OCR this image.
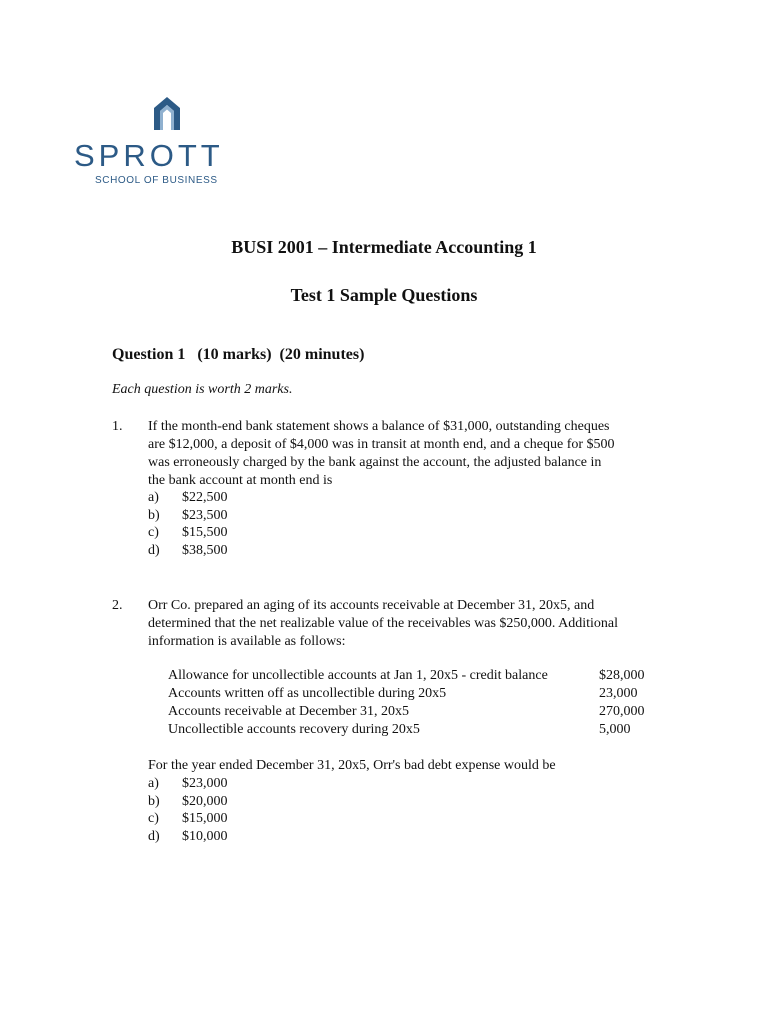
SPROTT
SCHOOL OF BUSINESS
BUSI 2001 – Intermediate Accounting 1
Test 1 Sample Questions
Question 1   (10 marks)  (20 minutes)
Each question is worth 2 marks.
1. If the month-end bank statement shows a balance of $31,000, outstanding cheques
are $12,000, a deposit of $4,000 was in transit at month end, and a cheque for $500
was erroneously charged by the bank against the account, the adjusted balance in
the bank account at month end is
a)	$22,500
b)	$23,500
c)	$15,500
d)	$38,500
2. Orr Co. prepared an aging of its accounts receivable at December 31, 20x5, and
determined that the net realizable value of the receivables was $250,000. Additional
information is available as follows:
Allowance for uncollectible accounts at Jan 1, 20x5 - credit balance	$28,000
Accounts written off as uncollectible during 20x5	23,000
Accounts receivable at December 31, 20x5	270,000
Uncollectible accounts recovery during 20x5	5,000
For the year ended December 31, 20x5, Orr's bad debt expense would be
a)	$23,000
b)	$20,000
c)	$15,000
d)	$10,000
